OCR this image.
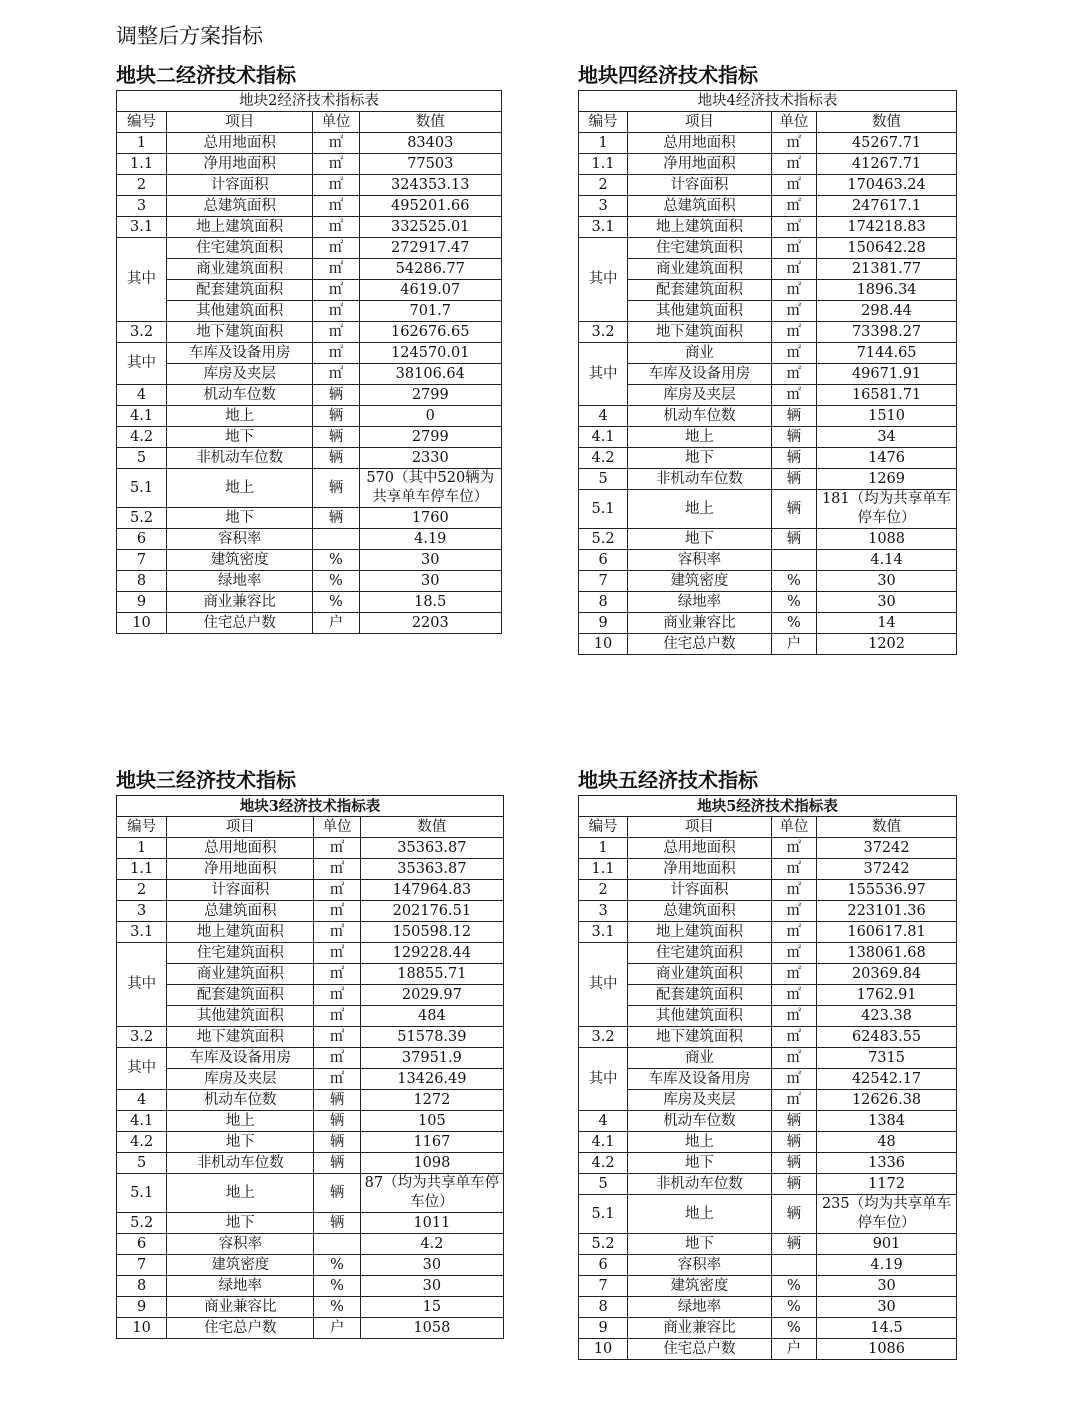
调整后方案指标
地块二经济技术指标
地块2经济技术指标表			
编号	项目	单位	数值
1	总用地面积	㎡	83403
1.1	净用地面积	㎡	77503
2	计容面积	㎡	324353.13
3	总建筑面积	㎡	495201.66
3.1	地上建筑面积	㎡	332525.01
其中	住宅建筑面积	㎡	272917.47
	商业建筑面积	㎡	54286.77
	配套建筑面积	㎡	4619.07
	其他建筑面积	㎡	701.7
3.2	地下建筑面积	㎡	162676.65
其中	车库及设备用房	㎡	124570.01
	库房及夹层	㎡	38106.64
4	机动车位数	辆	2799
4.1	地上	辆	0
4.2	地下	辆	2799
5	非机动车位数	辆	2330
5.1	地上	辆	570（其中520辆为共享单车停车位）
5.2	地下	辆	1760
6	容积率		4.19
7	建筑密度	%	30
8	绿地率	%	30
9	商业兼容比	%	18.5
10	住宅总户数	户	2203
地块四经济技术指标
地块4经济技术指标表			
编号	项目	单位	数值
1	总用地面积	㎡	45267.71
1.1	净用地面积	㎡	41267.71
2	计容面积	㎡	170463.24
3	总建筑面积	㎡	247617.1
3.1	地上建筑面积	㎡	174218.83
其中	住宅建筑面积	㎡	150642.28
	商业建筑面积	㎡	21381.77
	配套建筑面积	㎡	1896.34
	其他建筑面积	㎡	298.44
3.2	地下建筑面积	㎡	73398.27
其中	商业	㎡	7144.65
	车库及设备用房	㎡	49671.91
	库房及夹层	㎡	16581.71
4	机动车位数	辆	1510
4.1	地上	辆	34
4.2	地下	辆	1476
5	非机动车位数	辆	1269
5.1	地上	辆	181（均为共享单车停车位）
5.2	地下	辆	1088
6	容积率		4.14
7	建筑密度	%	30
8	绿地率	%	30
9	商业兼容比	%	14
10	住宅总户数	户	1202
地块三经济技术指标
地块3经济技术指标表			
编号	项目	单位	数值
1	总用地面积	㎡	35363.87
1.1	净用地面积	㎡	35363.87
2	计容面积	㎡	147964.83
3	总建筑面积	㎡	202176.51
3.1	地上建筑面积	㎡	150598.12
其中	住宅建筑面积	㎡	129228.44
	商业建筑面积	㎡	18855.71
	配套建筑面积	㎡	2029.97
	其他建筑面积	㎡	484
3.2	地下建筑面积	㎡	51578.39
其中	车库及设备用房	㎡	37951.9
	库房及夹层	㎡	13426.49
4	机动车位数	辆	1272
4.1	地上	辆	105
4.2	地下	辆	1167
5	非机动车位数	辆	1098
5.1	地上	辆	87（均为共享单车停车位）
5.2	地下	辆	1011
6	容积率		4.2
7	建筑密度	%	30
8	绿地率	%	30
9	商业兼容比	%	15
10	住宅总户数	户	1058
地块五经济技术指标
地块5经济技术指标表			
编号	项目	单位	数值
1	总用地面积	㎡	37242
1.1	净用地面积	㎡	37242
2	计容面积	㎡	155536.97
3	总建筑面积	㎡	223101.36
3.1	地上建筑面积	㎡	160617.81
其中	住宅建筑面积	㎡	138061.68
	商业建筑面积	㎡	20369.84
	配套建筑面积	㎡	1762.91
	其他建筑面积	㎡	423.38
3.2	地下建筑面积	㎡	62483.55
其中	商业	㎡	7315
	车库及设备用房	㎡	42542.17
	库房及夹层	㎡	12626.38
4	机动车位数	辆	1384
4.1	地上	辆	48
4.2	地下	辆	1336
5	非机动车位数	辆	1172
5.1	地上	辆	235（均为共享单车停车位）
5.2	地下	辆	901
6	容积率		4.19
7	建筑密度	%	30
8	绿地率	%	30
9	商业兼容比	%	14.5
10	住宅总户数	户	1086
